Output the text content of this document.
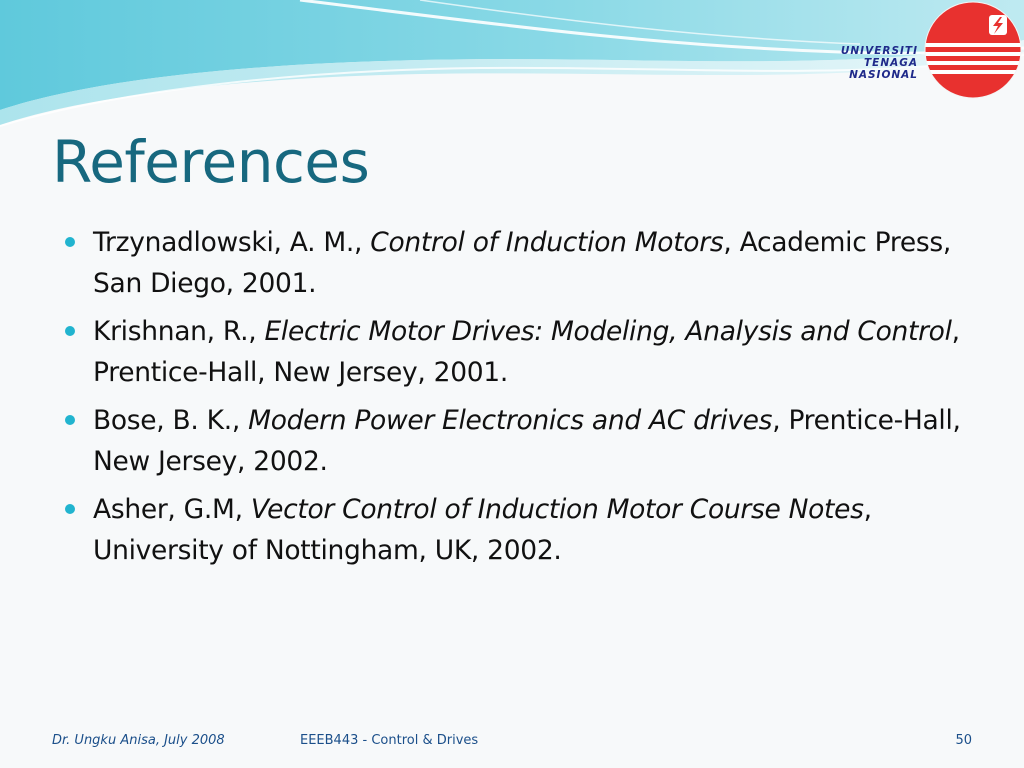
UNIVERSITI
TENAGA
NASIONAL
References
Trzynadlowski, A. M., Control of Induction Motors, Academic Press, San Diego, 2001.
Krishnan, R., Electric Motor Drives: Modeling, Analysis and Control, Prentice-Hall, New Jersey, 2001.
Bose, B. K., Modern Power Electronics and AC drives, Prentice-Hall, New Jersey, 2002.
Asher, G.M, Vector Control of Induction Motor Course Notes, University of Nottingham, UK, 2002.
Dr. Ungku Anisa, July 2008	EEEB443 - Control & Drives	50
